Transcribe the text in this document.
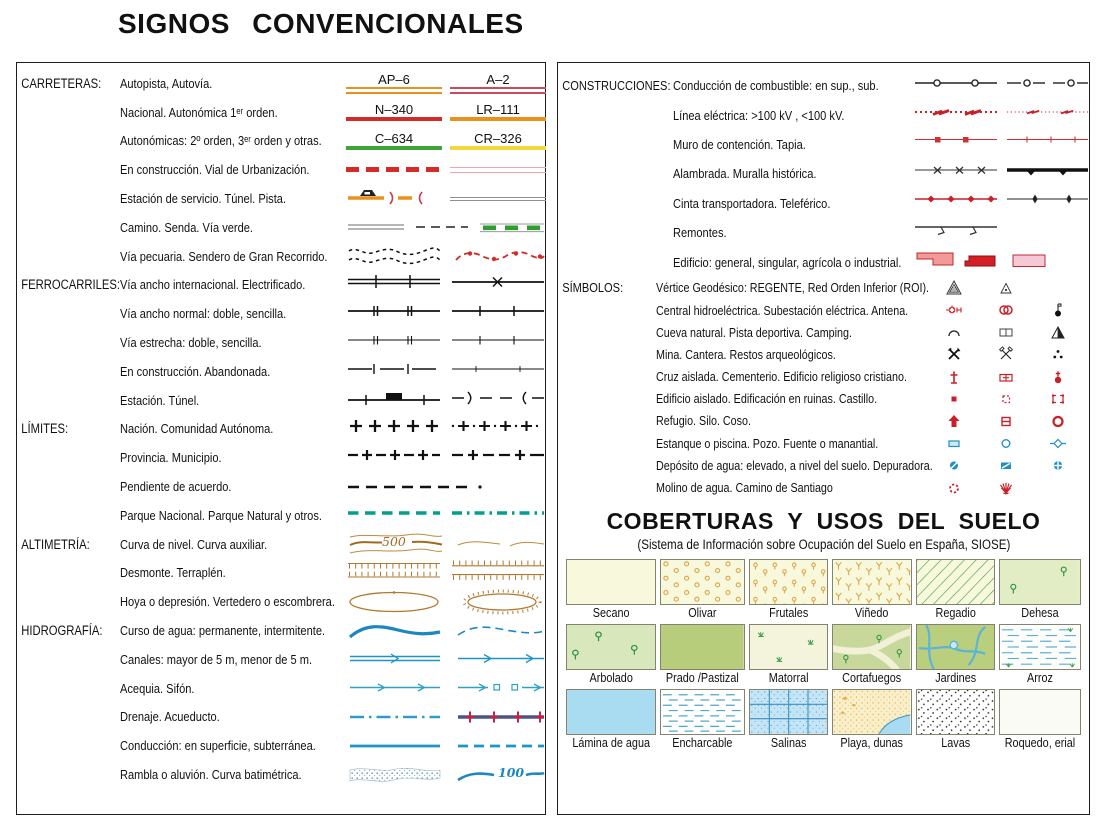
SIGNOS CONVENCIONALES
CARRETERAS: Autopista, Autovía.	AP–6	A–2
Nacional. Autonómica 1ᵉʳ orden.	N–340	LR–111
Autonómicas: 2º orden, 3ᵉʳ orden y otras.	C–634	CR–326
En construcción. Vial de Urbanización.
Estación de servicio. Túnel. Pista.
Camino. Senda. Vía verde.
Vía pecuaria. Sendero de Gran Recorrido.
FERROCARRILES: Vía ancho internacional. Electrificado.
Vía ancho normal: doble, sencilla.
Vía estrecha: doble, sencilla.
En construcción. Abandonada.
Estación. Túnel.
LÍMITES:	Nación. Comunidad Autónoma.
Provincia. Municipio.
Pendiente de acuerdo.
Parque Nacional. Parque Natural y otros.
ALTIMETRÍA:	Curva de nivel. Curva auxiliar.	500
Desmonte. Terraplén.
Hoya o depresión. Vertedero o escombrera.
HIDROGRAFÍA: Curso de agua: permanente, intermitente.
Canales: mayor de 5 m, menor de 5 m.
Acequia. Sifón.
Drenaje. Acueducto.
Conducción: en superficie, subterránea.
Rambla o aluvión. Curva batimétrica.	100
CONSTRUCCIONES: Conducción de combustible: en sup., sub.
Línea eléctrica: >100 kV , <100 kV.
Muro de contención. Tapia.
Alambrada. Muralla histórica.
Cinta transportadora. Teleférico.
Remontes.
Edificio: general, singular, agrícola o industrial.
SÍMBOLOS:	Vértice Geodésico: REGENTE, Red Orden Inferior (ROI).
Central hidroeléctrica. Subestación eléctrica. Antena.
Cueva natural. Pista deportiva. Camping.
Mina. Cantera. Restos arqueológicos.
Cruz aislada. Cementerio. Edificio religioso cristiano.
Edificio aislado. Edificación en ruinas. Castillo.
Refugio. Silo. Coso.
Estanque o piscina. Pozo. Fuente o manantial.
Depósito de agua: elevado, a nivel del suelo. Depuradora.
Molino de agua. Camino de Santiago
COBERTURAS Y USOS DEL SUELO
(Sistema de Información sobre Ocupación del Suelo en España, SIOSE)
Secano	Olivar	Frutales	Viñedo	Regadio	Dehesa
Arbolado	Prado /Pastizal	Matorral	Cortafuegos	Jardines	Arroz
Lámina de agua	Encharcable	Salinas	Playa, dunas	Lavas	Roquedo, erial
